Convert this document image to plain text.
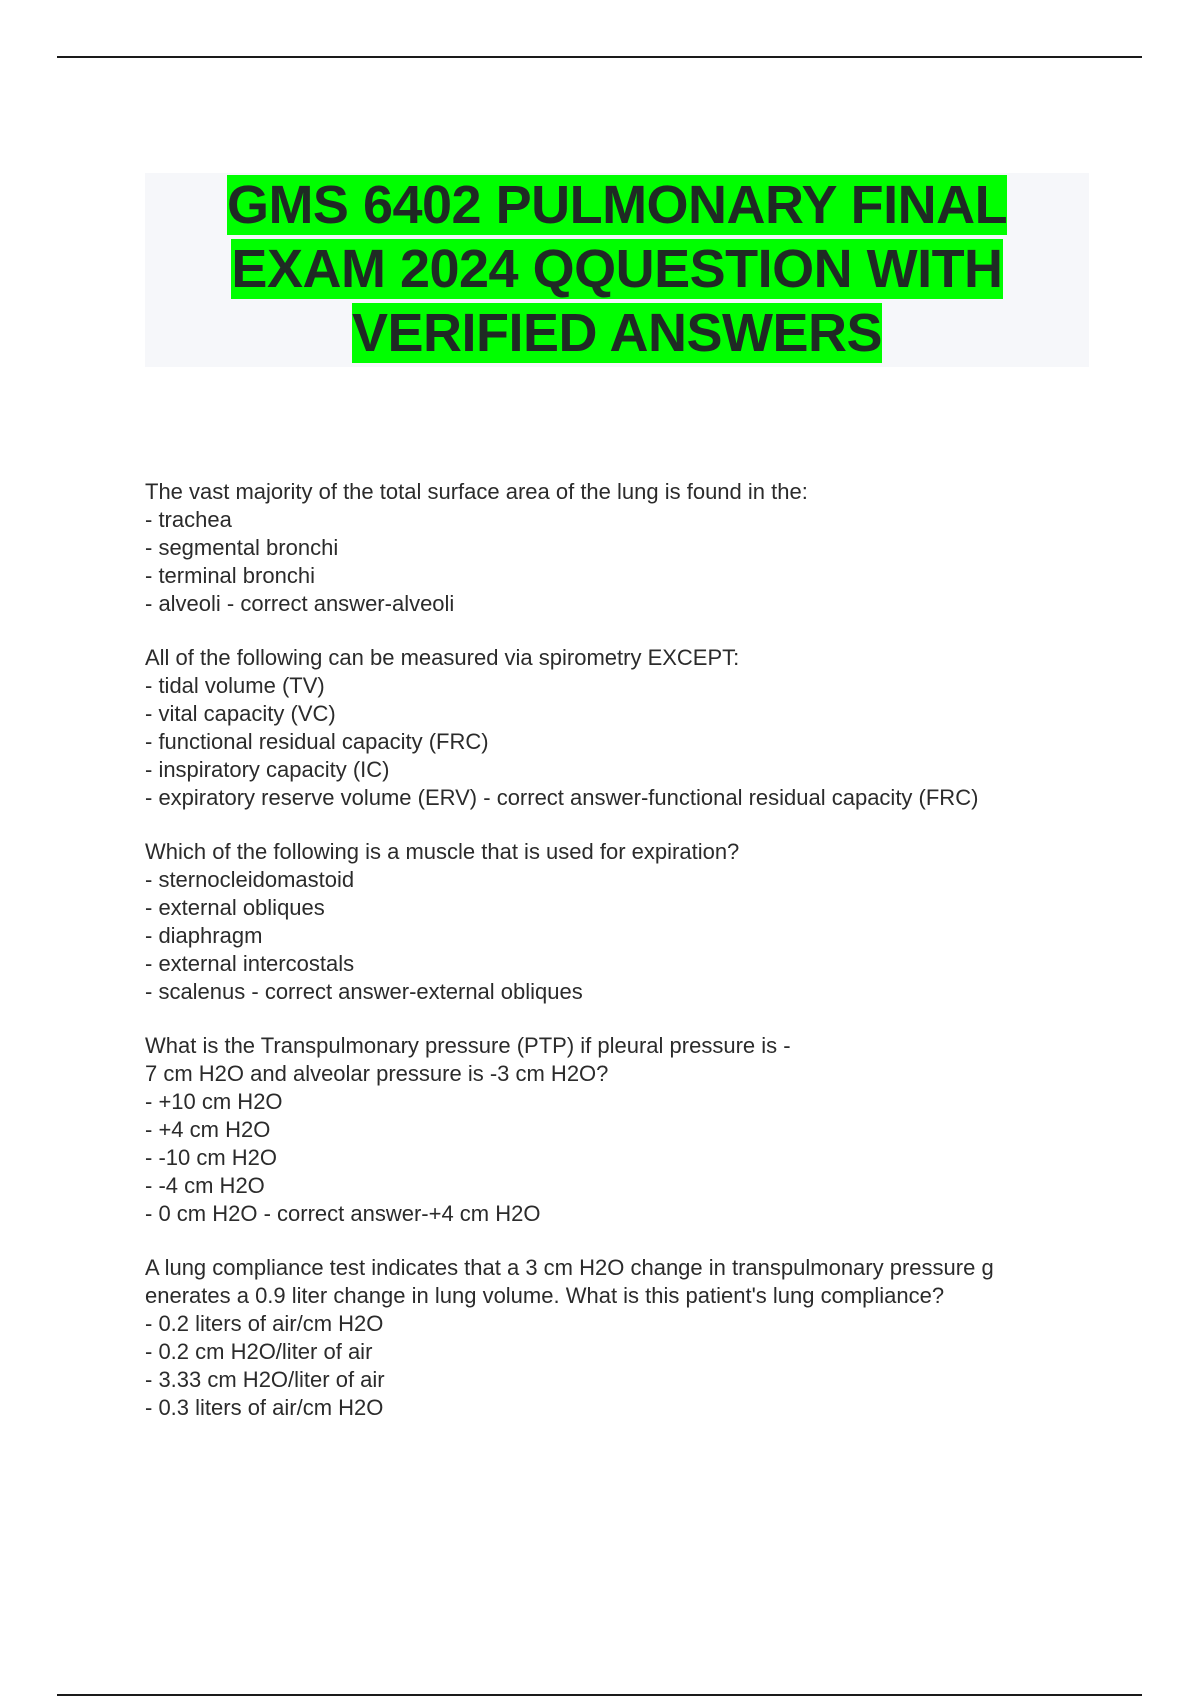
GMS 6402 PULMONARY FINAL EXAM 2024 QQUESTION WITH VERIFIED ANSWERS
The vast majority of the total surface area of the lung is found in the:
- trachea
- segmental bronchi
- terminal bronchi
- alveoli - correct answer-alveoli
All of the following can be measured via spirometry EXCEPT:
- tidal volume (TV)
- vital capacity (VC)
- functional residual capacity (FRC)
- inspiratory capacity (IC)
- expiratory reserve volume (ERV) - correct answer-functional residual capacity (FRC)
Which of the following is a muscle that is used for expiration?
- sternocleidomastoid
- external obliques
- diaphragm
- external intercostals
- scalenus - correct answer-external obliques
What is the Transpulmonary pressure (PTP) if pleural pressure is -
7 cm H2O and alveolar pressure is -3 cm H2O?
- +10 cm H2O
- +4 cm H2O
- -10 cm H2O
- -4 cm H2O
- 0 cm H2O - correct answer-+4 cm H2O
A lung compliance test indicates that a 3 cm H2O change in transpulmonary pressure g
enerates a 0.9 liter change in lung volume. What is this patient's lung compliance?
- 0.2 liters of air/cm H2O
- 0.2 cm H2O/liter of air
- 3.33 cm H2O/liter of air
- 0.3 liters of air/cm H2O
